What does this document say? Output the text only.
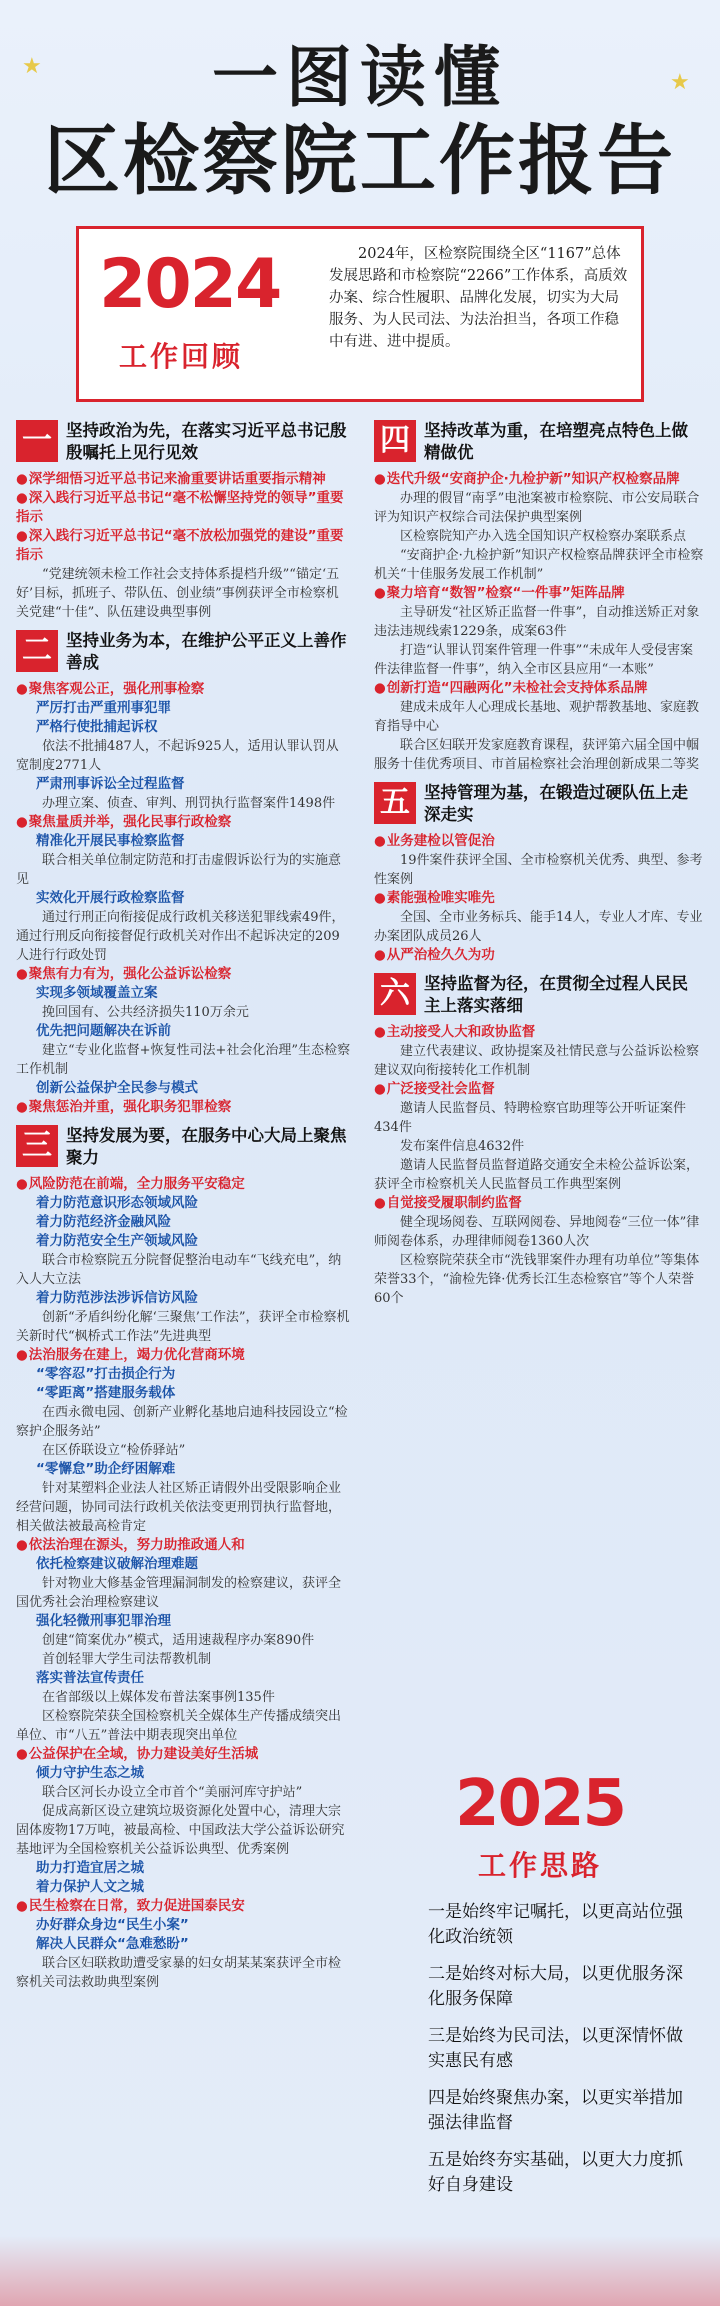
★
★
一图读懂
区检察院工作报告
2024
工作回顾
2024年，区检察院围绕全区“1167”总体发展思路和市检察院“2266”工作体系，高质效办案、综合性履职、品牌化发展，切实为大局服务、为人民司法、为法治担当，各项工作稳中有进、进中提质。
一 坚持政治为先，在落实习近平总书记殷殷嘱托上见行见效
● 深学细悟习近平总书记来渝重要讲话重要指示精神
● 深入践行习近平总书记“毫不松懈坚持党的领导”重要指示
● 深入践行习近平总书记“毫不放松加强党的建设”重要指示
“党建统领未检工作社会支持体系提档升级”“锚定‘五好’目标，抓班子、带队伍、创业绩”事例获评全市检察机关党建“十佳”、队伍建设典型事例
二 坚持业务为本，在维护公平正义上善作善成
● 聚焦客观公正，强化刑事检察
严厉打击严重刑事犯罪
严格行使批捕起诉权
依法不批捕487人，不起诉925人，适用认罪认罚从宽制度2771人
严肃刑事诉讼全过程监督
办理立案、侦查、审判、刑罚执行监督案件1498件
● 聚焦量质并举，强化民事行政检察
精准化开展民事检察监督
联合相关单位制定防范和打击虚假诉讼行为的实施意见
实效化开展行政检察监督
通过行刑正向衔接促成行政机关移送犯罪线索49件，通过行刑反向衔接督促行政机关对作出不起诉决定的209人进行行政处罚
● 聚焦有力有为，强化公益诉讼检察
实现多领域覆盖立案
挽回国有、公共经济损失110万余元
优先把问题解决在诉前
建立“专业化监督+恢复性司法+社会化治理”生态检察工作机制
创新公益保护全民参与模式
● 聚焦惩治并重，强化职务犯罪检察
三 坚持发展为要，在服务中心大局上聚焦聚力
● 风险防范在前端，全力服务平安稳定
着力防范意识形态领域风险
着力防范经济金融风险
着力防范安全生产领域风险
联合市检察院五分院督促整治电动车“飞线充电”，纳入人大立法
着力防范涉法涉诉信访风险
创新“矛盾纠纷化解‘三聚焦’工作法”，获评全市检察机关新时代“枫桥式工作法”先进典型
● 法治服务在建上，竭力优化营商环境
“零容忍”打击损企行为
“零距离”搭建服务载体
在西永微电园、创新产业孵化基地启迪科技园设立“检察护企服务站”
在区侨联设立“检侨驿站”
“零懈怠”助企纾困解难
针对某塑料企业法人社区矫正请假外出受限影响企业经营问题，协同司法行政机关依法变更刑罚执行监督地，相关做法被最高检肯定
● 依法治理在源头，努力助推政通人和
依托检察建议破解治理难题
针对物业大修基金管理漏洞制发的检察建议，获评全国优秀社会治理检察建议
强化轻微刑事犯罪治理
创建“简案优办”模式，适用速裁程序办案890件
首创轻罪大学生司法帮教机制
落实普法宣传责任
在省部级以上媒体发布普法案事例135件
区检察院荣获全国检察机关全媒体生产传播成绩突出单位、市“八五”普法中期表现突出单位
● 公益保护在全域，协力建设美好生活城
倾力守护生态之城
联合区河长办设立全市首个“美丽河库守护站”
促成高新区设立建筑垃圾资源化处置中心，清理大宗固体废物17万吨，被最高检、中国政法大学公益诉讼研究基地评为全国检察机关公益诉讼典型、优秀案例
助力打造宜居之城
着力保护人文之城
● 民生检察在日常，致力促进国泰民安
办好群众身边“民生小案”
解决人民群众“急难愁盼”
联合区妇联救助遭受家暴的妇女胡某某案获评全市检察机关司法救助典型案例
四 坚持改革为重，在培塑亮点特色上做精做优
● 迭代升级“安商护企·九检护新”知识产权检察品牌
办理的假冒“南孚”电池案被市检察院、市公安局联合评为知识产权综合司法保护典型案例
区检察院知产办入选全国知识产权检察办案联系点
“安商护企·九检护新”知识产权检察品牌获评全市检察机关“十佳服务发展工作机制”
● 聚力培育“数智”检察“一件事”矩阵品牌
主导研发“社区矫正监督一件事”，自动推送矫正对象违法违规线索1229条，成案63件
打造“认罪认罚案件管理一件事”“未成年人受侵害案件法律监督一件事”，纳入全市区县应用“一本账”
● 创新打造“四融两化”未检社会支持体系品牌
建成未成年人心理成长基地、观护帮教基地、家庭教育指导中心
联合区妇联开发家庭教育课程，获评第六届全国中帼服务十佳优秀项目、市首届检察社会治理创新成果二等奖
五 坚持管理为基，在锻造过硬队伍上走深走实
● 业务建检以管促治
19件案件获评全国、全市检察机关优秀、典型、参考性案例
● 素能强检唯实唯先
全国、全市业务标兵、能手14人，专业人才库、专业办案团队成员26人
● 从严治检久久为功
六 坚持监督为径，在贯彻全过程人民民主上落实落细
● 主动接受人大和政协监督
建立代表建议、政协提案及社情民意与公益诉讼检察建议双向衔接转化工作机制
● 广泛接受社会监督
邀请人民监督员、特聘检察官助理等公开听证案件434件
发布案件信息4632件
邀请人民监督员监督道路交通安全未检公益诉讼案，获评全市检察机关人民监督员工作典型案例
● 自觉接受履职制约监督
健全现场阅卷、互联网阅卷、异地阅卷“三位一体”律师阅卷体系，办理律师阅卷1360人次
区检察院荣获全市“洗钱罪案件办理有功单位”等集体荣誉33个，“渝检先锋·优秀长江生态检察官”等个人荣誉60个
2025
工作思路
一是始终牢记嘱托，以更高站位强化政治统领
二是始终对标大局，以更优服务深化服务保障
三是始终为民司法，以更深情怀做实惠民有感
四是始终聚焦办案，以更实举措加强法律监督
五是始终夯实基础，以更大力度抓好自身建设
